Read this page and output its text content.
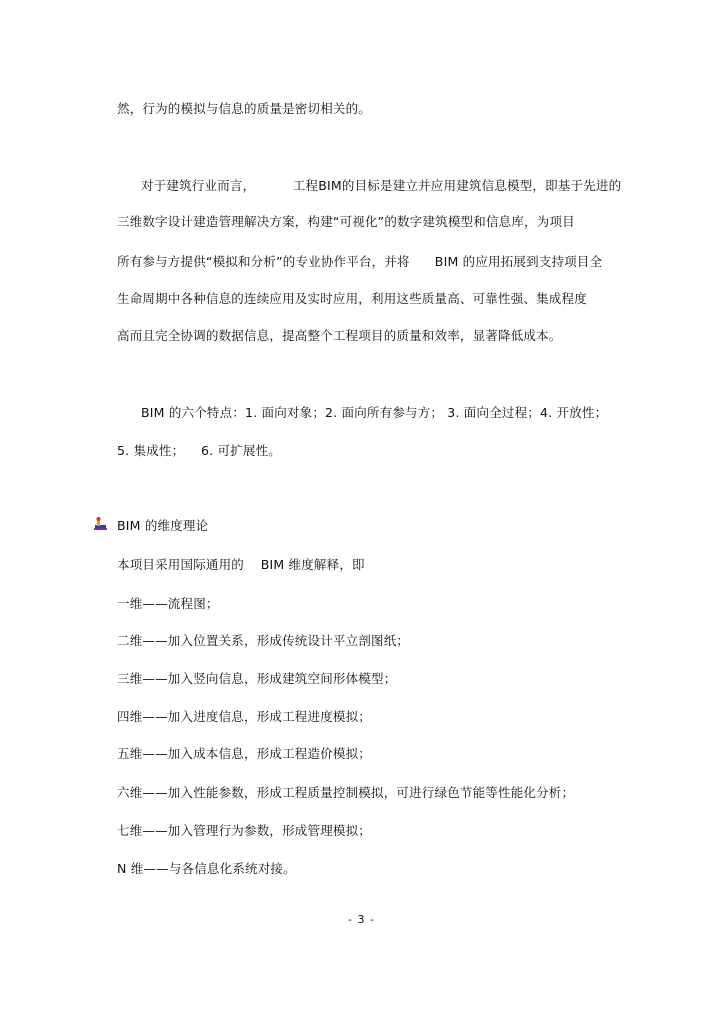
然，行为的模拟与信息的质量是密切相关的。
对于建筑行业而言，         工程BIM的目标是建立并应用建筑信息模型，即基于先进的
三维数字设计建造管理解决方案，构建“可视化”的数字建筑模型和信息库，为项目
所有参与方提供“模拟和分析”的专业协作平台，并将      BIM 的应用拓展到支持项目全
生命周期中各种信息的连续应用及实时应用，利用这些质量高、可靠性强、集成程度
高而且完全协调的数据信息，提高整个工程项目的质量和效率，显著降低成本。
BIM 的六个特点：1. 面向对象；2. 面向所有参与方； 3. 面向全过程；4. 开放性；
5. 集成性；    6. 可扩展性。
BIM 的维度理论
本项目采用国际通用的    BIM 维度解释，即
一维——流程图；
二维——加入位置关系，形成传统设计平立剖图纸；
三维——加入竖向信息，形成建筑空间形体模型；
四维——加入进度信息，形成工程进度模拟；
五维——加入成本信息，形成工程造价模拟；
六维——加入性能参数，形成工程质量控制模拟，可进行绿色节能等性能化分析；
七维——加入管理行为参数，形成管理模拟；
N 维——与各信息化系统对接。
- 3 -
